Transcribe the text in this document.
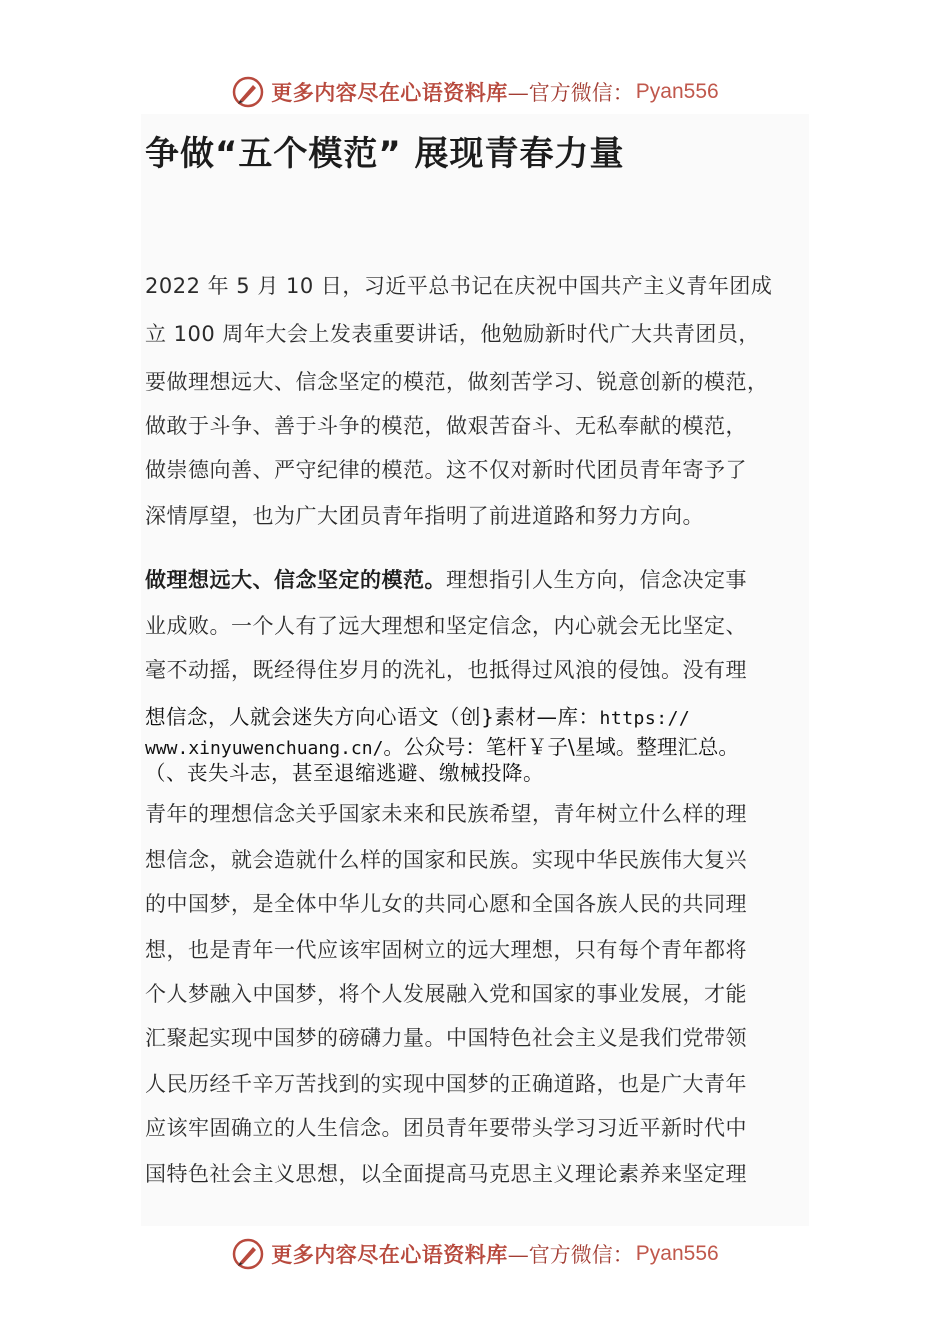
更多内容尽在心语资料库 —官方微信： Pyan556
争做“五个模范” 展现青春力量

2022 年 5 月 10 日，习近平总书记在庆祝中国共产主义青年团成

立 100 周年大会上发表重要讲话，他勉励新时代广大共青团员，

要做理想远大、信念坚定的模范，做刻苦学习、锐意创新的模范，

做敢于斗争、善于斗争的模范，做艰苦奋斗、无私奉献的模范，

做崇德向善、严守纪律的模范。这不仅对新时代团员青年寄予了

深情厚望，也为广大团员青年指明了前进道路和努力方向。

做理想远大、信念坚定的模范。理想指引人生方向，信念决定事

业成败。一个人有了远大理想和坚定信念，内心就会无比坚定、

毫不动摇，既经得住岁月的洗礼，也抵得过风浪的侵蚀。没有理

想信念，人就会迷失方向心语文（创}素材—库：https://

www.xinyuwenchuang.cn/。公众号：笔杆￥子\星域。整理汇总。

（、丧失斗志，甚至退缩逃避、缴械投降。

青年的理想信念关乎国家未来和民族希望，青年树立什么样的理

想信念，就会造就什么样的国家和民族。实现中华民族伟大复兴

的中国梦，是全体中华儿女的共同心愿和全国各族人民的共同理

想，也是青年一代应该牢固树立的远大理想，只有每个青年都将

个人梦融入中国梦，将个人发展融入党和国家的事业发展，才能

汇聚起实现中国梦的磅礴力量。中国特色社会主义是我们党带领

人民历经千辛万苦找到的实现中国梦的正确道路，也是广大青年

应该牢固确立的人生信念。团员青年要带头学习习近平新时代中

国特色社会主义思想，以全面提高马克思主义理论素养来坚定理

更多内容尽在心语资料库 —官方微信： Pyan556
